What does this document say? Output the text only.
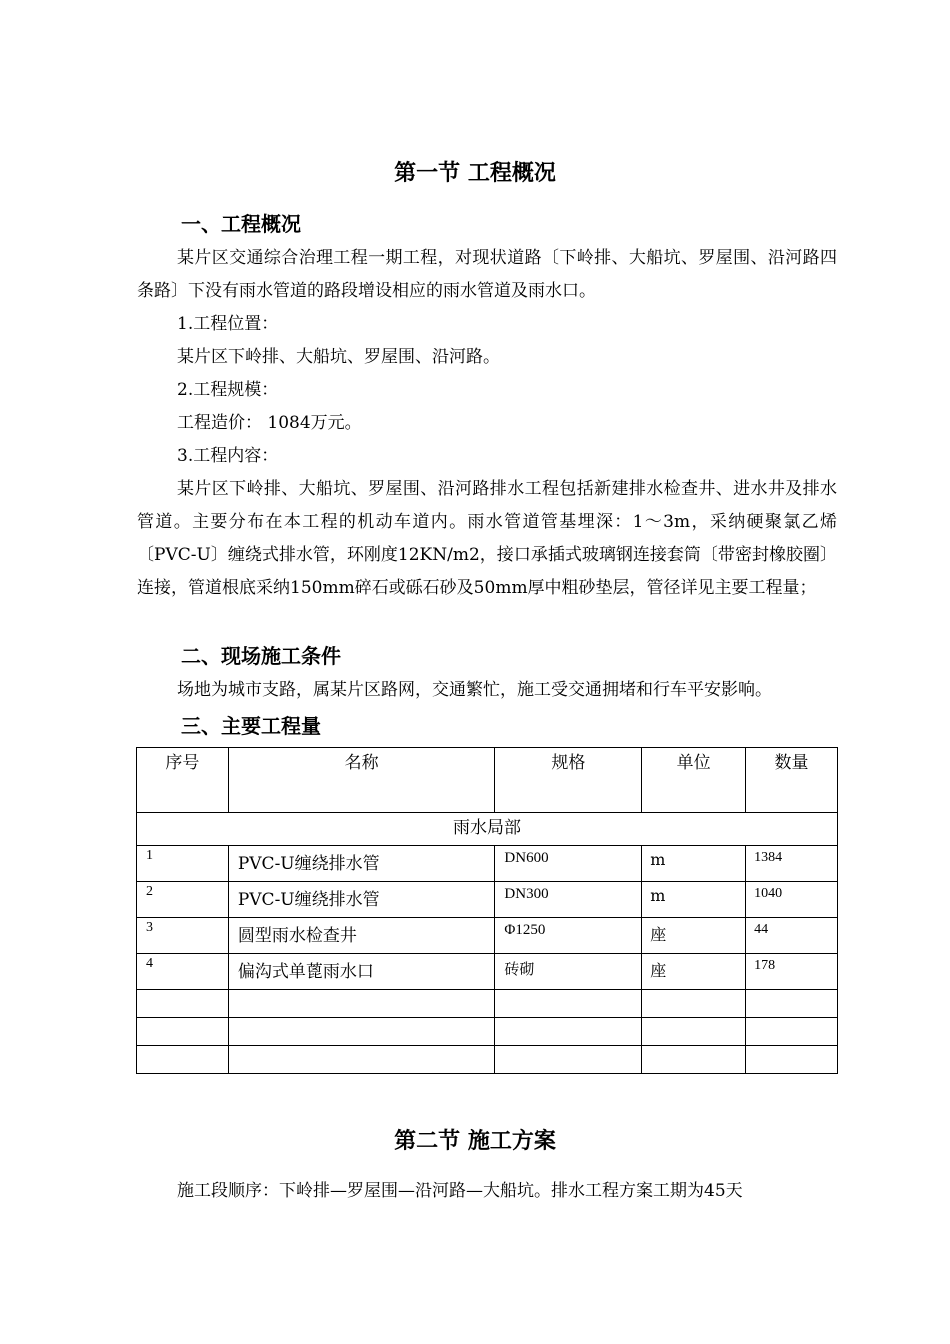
第一节 工程概况
一、工程概况
某片区交通综合治理工程一期工程，对现状道路〔下岭排、大船坑、罗屋围、沿河路四条路〕下没有雨水管道的路段增设相应的雨水管道及雨水口。
1.工程位置：
某片区下岭排、大船坑、罗屋围、沿河路。
2.工程规模：
工程造价： 1084万元。
3.工程内容：
某片区下岭排、大船坑、罗屋围、沿河路排水工程包括新建排水检查井、进水井及排水管道。主要分布在本工程的机动车道内。雨水管道管基埋深：1～3m，采纳硬聚氯乙烯〔PVC-U〕缠绕式排水管，环刚度12KN/m2，接口承插式玻璃钢连接套筒〔带密封橡胶圈〕连接，管道根底采纳150mm碎石或砾石砂及50mm厚中粗砂垫层，管径详见主要工程量；
二、现场施工条件
场地为城市支路，属某片区路网，交通繁忙，施工受交通拥堵和行车平安影响。
三、主要工程量
序号	名称	规格	单位	数量
雨水局部				
1	PVC-U缠绕排水管	DN600	m	1384
2	PVC-U缠绕排水管	DN300	m	1040
3	圆型雨水检查井	Φ1250	座	44
4	偏沟式单蓖雨水口	砖砌	座	178

第二节 施工方案
施工段顺序：下岭排—罗屋围—沿河路—大船坑。排水工程方案工期为45天
